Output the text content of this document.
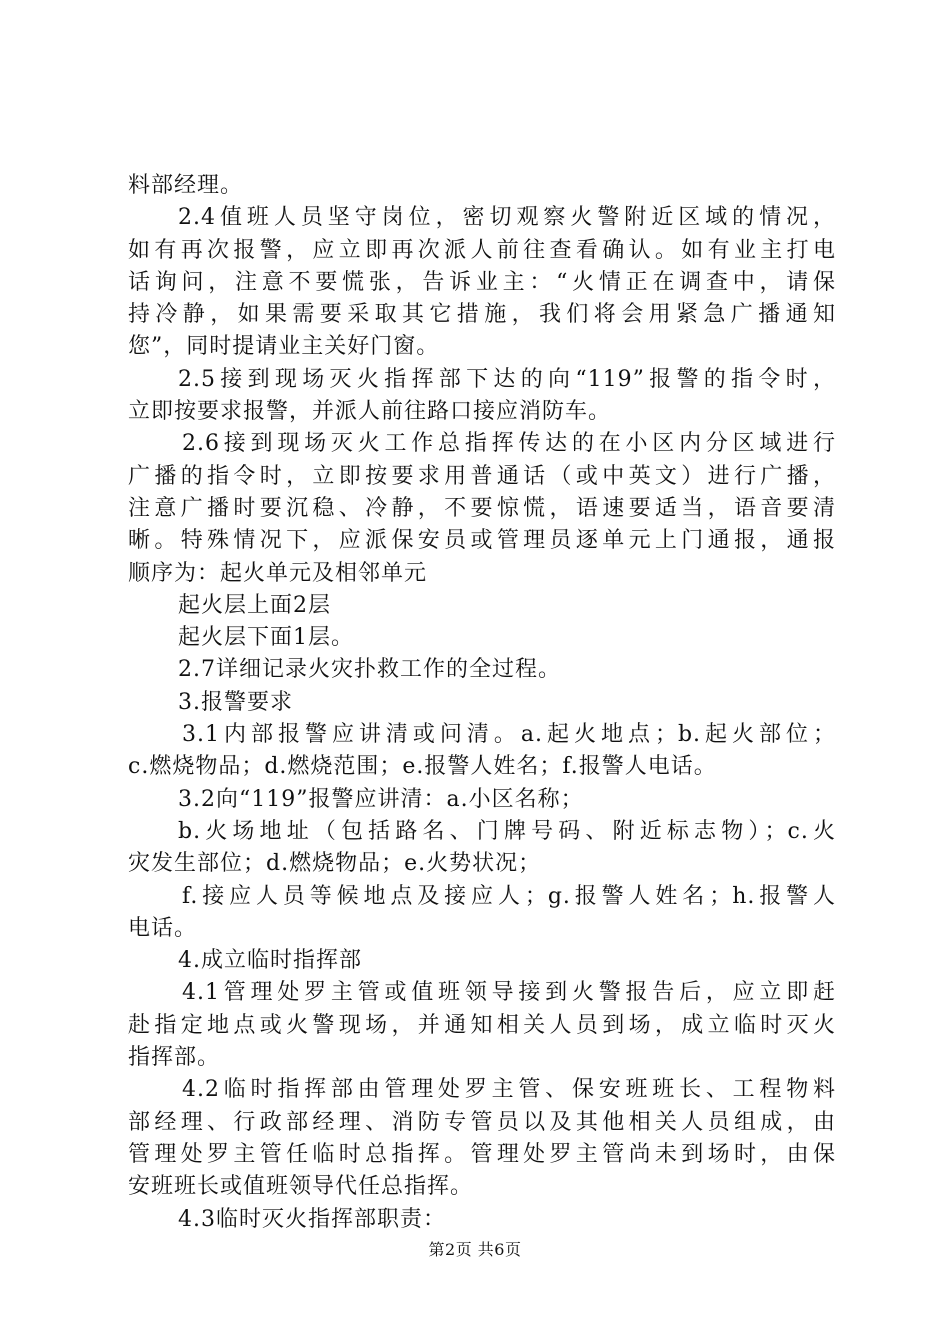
料部经理。
2.4值班人员坚守岗位，密切观察火警附近区域的情况，
如有再次报警，应立即再次派人前往查看确认。如有业主打电
话询问，注意不要慌张，告诉业主：“火情正在调查中，请保
持冷静，如果需要采取其它措施，我们将会用紧急广播通知
您”，同时提请业主关好门窗。
2.5接到现场灭火指挥部下达的向“119”报警的指令时，
立即按要求报警，并派人前往路口接应消防车。
2.6接到现场灭火工作总指挥传达的在小区内分区域进行
广播的指令时，立即按要求用普通话（或中英文）进行广播，
注意广播时要沉稳、冷静，不要惊慌，语速要适当，语音要清
晰。特殊情况下，应派保安员或管理员逐单元上门通报，通报
顺序为：起火单元及相邻单元
起火层上面2层
起火层下面1层。
2.7详细记录火灾扑救工作的全过程。
3.报警要求
3.1内部报警应讲清或问清。a.起火地点；b.起火部位；
c.燃烧物品；d.燃烧范围；e.报警人姓名；f.报警人电话。
3.2向“119”报警应讲清：a.小区名称；
b.火场地址（包括路名、门牌号码、附近标志物）；c.火
灾发生部位；d.燃烧物品；e.火势状况；
f.接应人员等候地点及接应人；g.报警人姓名；h.报警人
电话。
4.成立临时指挥部
4.1管理处罗主管或值班领导接到火警报告后，应立即赶
赴指定地点或火警现场，并通知相关人员到场，成立临时灭火
指挥部。
4.2临时指挥部由管理处罗主管、保安班班长、工程物料
部经理、行政部经理、消防专管员以及其他相关人员组成，由
管理处罗主管任临时总指挥。管理处罗主管尚未到场时，由保
安班班长或值班领导代任总指挥。
4.3临时灭火指挥部职责：
第2页 共6页
